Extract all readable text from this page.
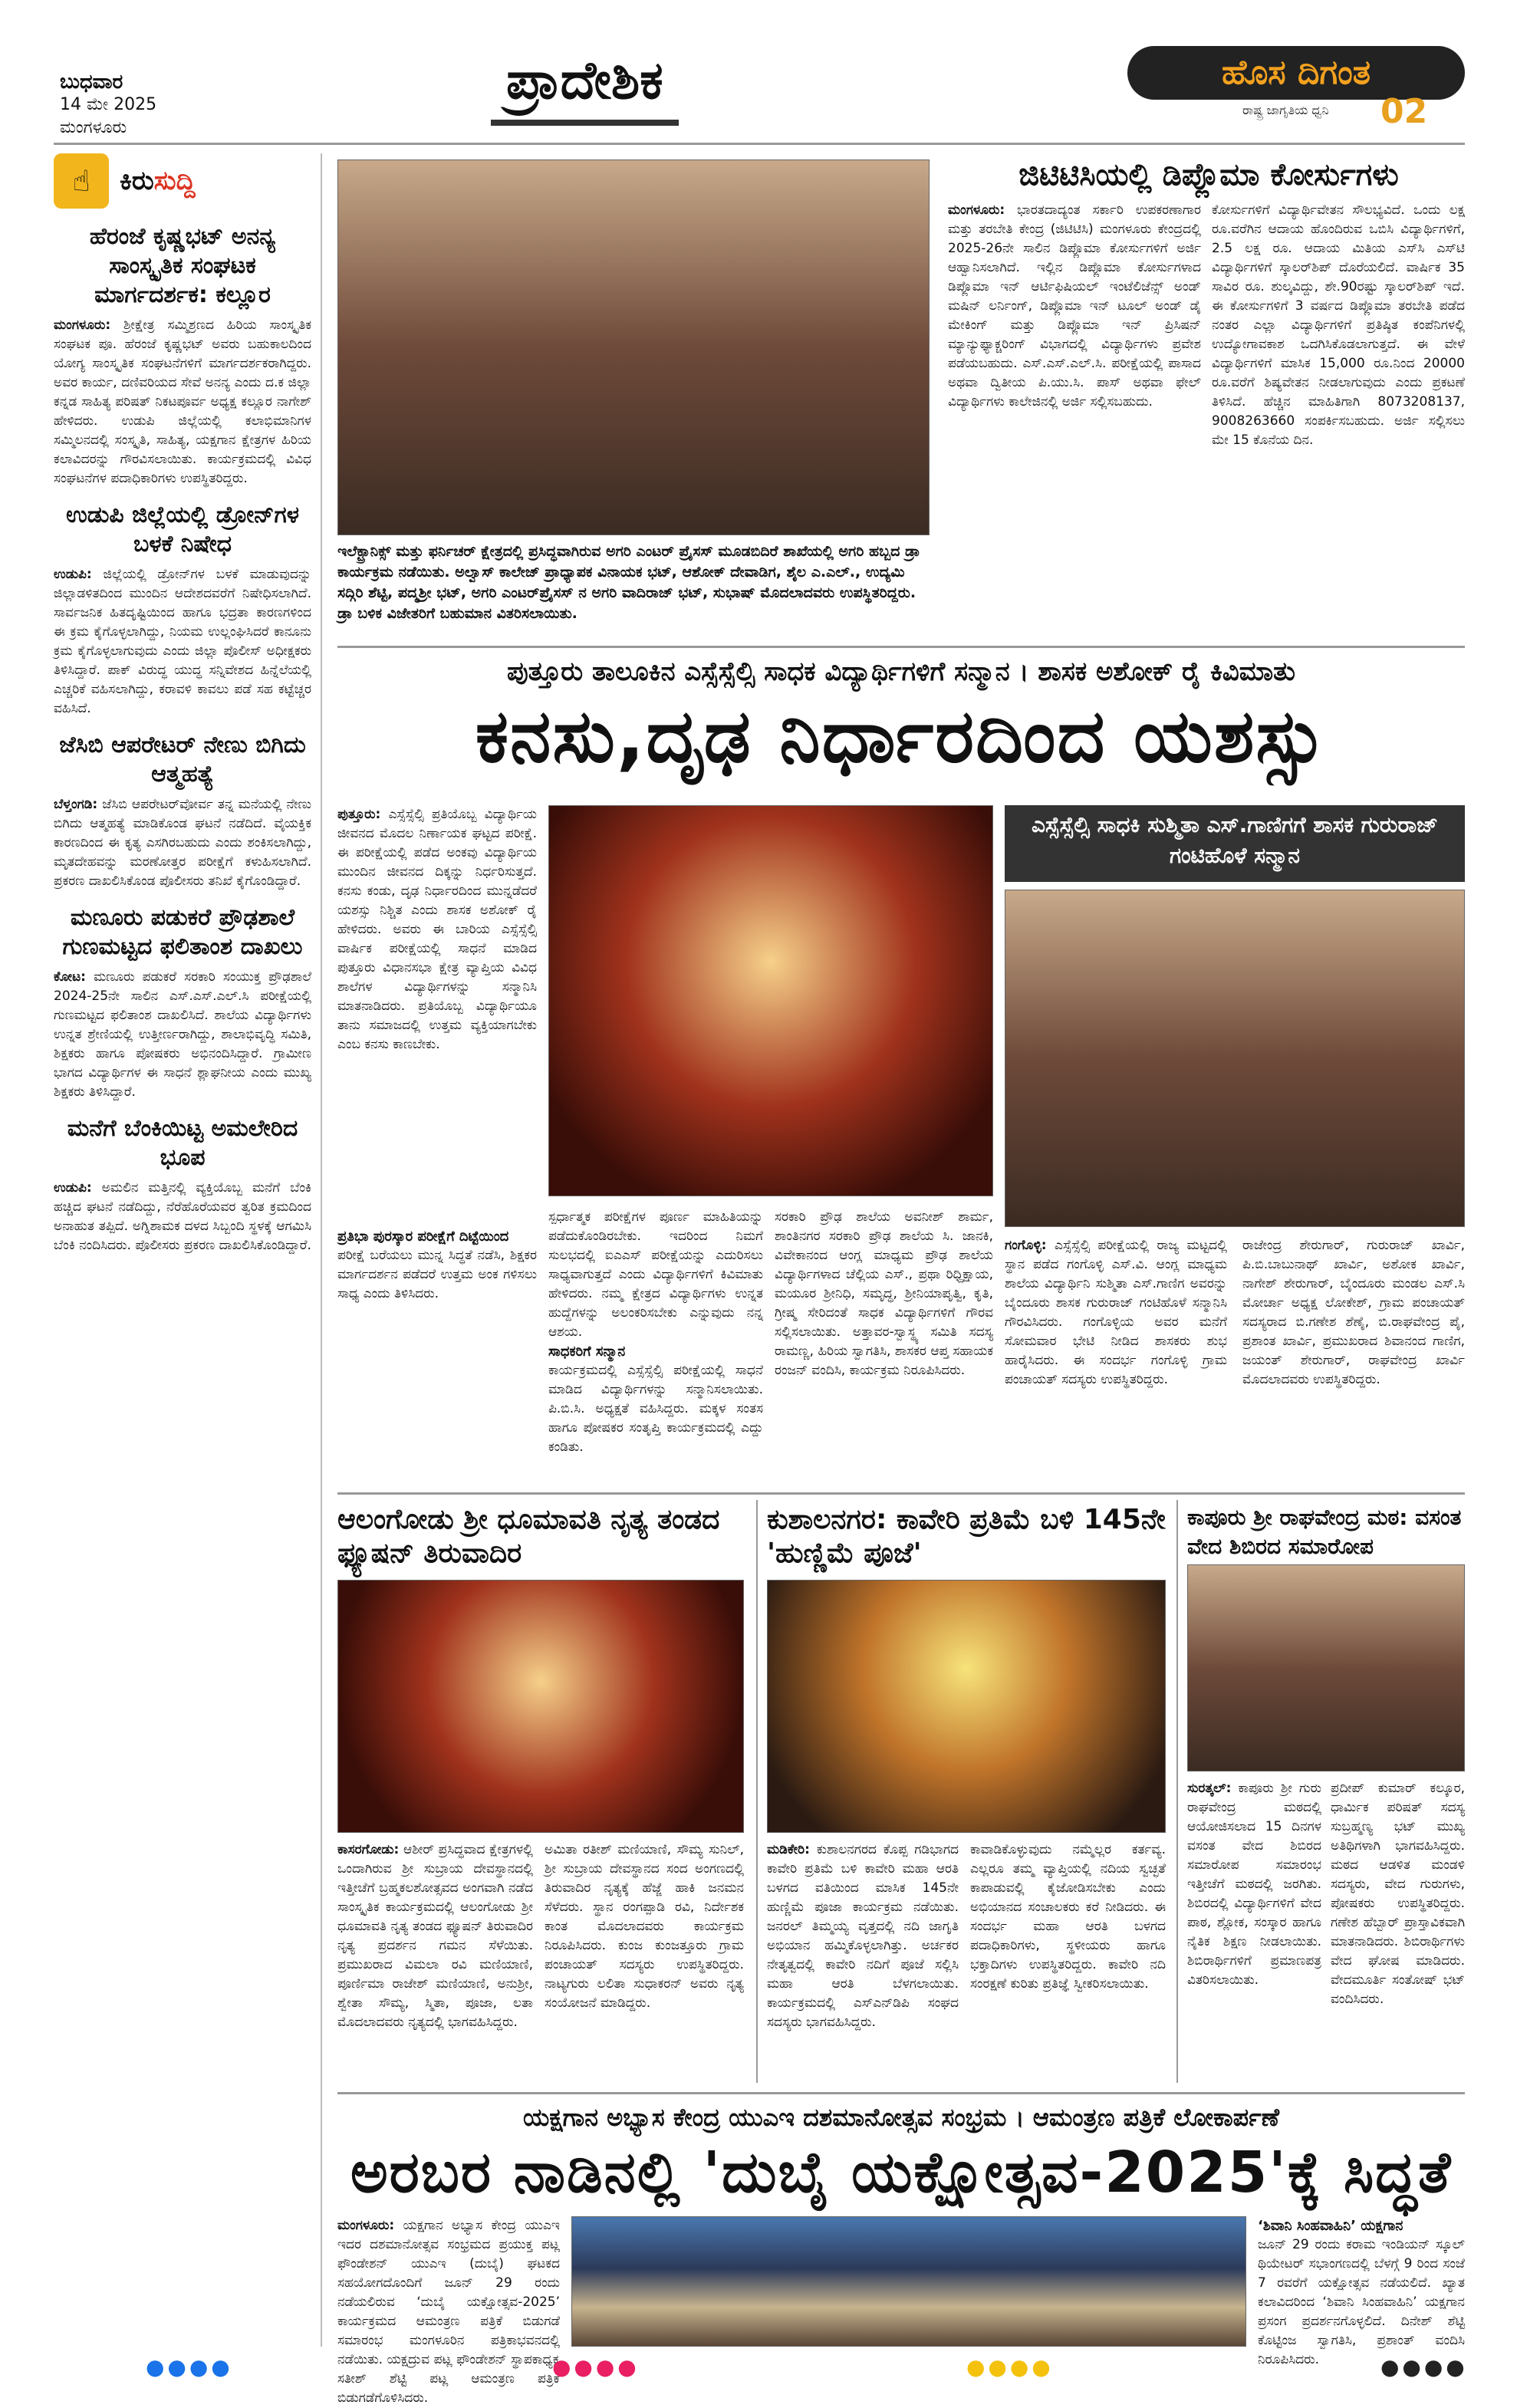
ಬುಧವಾರ
14 ಮೇ 2025
ಮಂಗಳೂರು
ಪ್ರಾದೇಶಿಕ	ಹೊಸ ದಿಗಂತ
ರಾಷ್ಟ್ರ ಜಾಗೃತಿಯ ಧ್ವನಿ 02
☝	ಕಿರುಸುದ್ದಿ
ಹೆರಂಜೆ ಕೃಷ್ಣಭಟ್ ಅನನ್ಯ ಸಾಂಸ್ಕೃತಿಕ ಸಂಘಟಕ ಮಾರ್ಗದರ್ಶಕ: ಕಲ್ಲೂರ

ಮಂಗಳೂರು: ಶ್ರೀಕ್ಷೇತ್ರ ಸಮ್ಮಿಶ್ರಣದ ಹಿರಿಯ ಸಾಂಸ್ಕೃತಿಕ ಸಂಘಟಕ ಪೂ. ಹೆರಂಜೆ ಕೃಷ್ಣಭಟ್ ಅವರು ಬಹುಕಾಲದಿಂದ ಯೋಗ್ಯ ಸಾಂಸ್ಕೃತಿಕ ಸಂಘಟನೆಗಳಿಗೆ ಮಾರ್ಗದರ್ಶಕರಾಗಿದ್ದರು. ಅವರ ಕಾರ್ಯ, ದಣಿವರಿಯದ ಸೇವೆ ಅನನ್ಯ ಎಂದು ದ.ಕ ಜಿಲ್ಲಾ ಕನ್ನಡ ಸಾಹಿತ್ಯ ಪರಿಷತ್ ನಿಕಟಪೂರ್ವ ಅಧ್ಯಕ್ಷ ಕಲ್ಲೂರ ನಾಗೇಶ್ ಹೇಳಿದರು. ಉಡುಪಿ ಜಿಲ್ಲೆಯಲ್ಲಿ ಕಲಾಭಿಮಾನಿಗಳ ಸಮ್ಮಿಲನದಲ್ಲಿ ಸಂಸ್ಕೃತಿ, ಸಾಹಿತ್ಯ, ಯಕ್ಷಗಾನ ಕ್ಷೇತ್ರಗಳ ಹಿರಿಯ ಕಲಾವಿದರನ್ನು ಗೌರವಿಸಲಾಯಿತು. ಕಾರ್ಯಕ್ರಮದಲ್ಲಿ ವಿವಿಧ ಸಂಘಟನೆಗಳ ಪದಾಧಿಕಾರಿಗಳು ಉಪಸ್ಥಿತರಿದ್ದರು.

ಉಡುಪಿ ಜಿಲ್ಲೆಯಲ್ಲಿ ಡ್ರೋನ್‌ಗಳ ಬಳಕೆ ನಿಷೇಧ

ಉಡುಪಿ: ಜಿಲ್ಲೆಯಲ್ಲಿ ಡ್ರೋನ್‌ಗಳ ಬಳಕೆ ಮಾಡುವುದನ್ನು ಜಿಲ್ಲಾಡಳಿತದಿಂದ ಮುಂದಿನ ಆದೇಶದವರೆಗೆ ನಿಷೇಧಿಸಲಾಗಿದೆ. ಸಾರ್ವಜನಿಕ ಹಿತದೃಷ್ಟಿಯಿಂದ ಹಾಗೂ ಭದ್ರತಾ ಕಾರಣಗಳಿಂದ ಈ ಕ್ರಮ ಕೈಗೊಳ್ಳಲಾಗಿದ್ದು, ನಿಯಮ ಉಲ್ಲಂಘಿಸಿದರೆ ಕಾನೂನು ಕ್ರಮ ಕೈಗೊಳ್ಳಲಾಗುವುದು ಎಂದು ಜಿಲ್ಲಾ ಪೊಲೀಸ್ ಅಧೀಕ್ಷಕರು ತಿಳಿಸಿದ್ದಾರೆ. ಪಾಕ್ ವಿರುದ್ಧ ಯುದ್ಧ ಸನ್ನಿವೇಶದ ಹಿನ್ನೆಲೆಯಲ್ಲಿ ಎಚ್ಚರಿಕೆ ವಹಿಸಲಾಗಿದ್ದು, ಕರಾವಳಿ ಕಾವಲು ಪಡೆ ಸಹ ಕಟ್ಟೆಚ್ಚರ ವಹಿಸಿದೆ.

ಜೆಸಿಬಿ ಆಪರೇಟರ್ ನೇಣು ಬಿಗಿದು ಆತ್ಮಹತ್ಯೆ

ಬೆಳ್ತಂಗಡಿ: ಜೆಸಿಬಿ ಆಪರೇಟರ್‌ವೋರ್ವ ತನ್ನ ಮನೆಯಲ್ಲಿ ನೇಣು ಬಿಗಿದು ಆತ್ಮಹತ್ಯೆ ಮಾಡಿಕೊಂಡ ಘಟನೆ ನಡೆದಿದೆ. ವೈಯಕ್ತಿಕ ಕಾರಣದಿಂದ ಈ ಕೃತ್ಯ ಎಸಗಿರಬಹುದು ಎಂದು ಶಂಕಿಸಲಾಗಿದ್ದು, ಮೃತದೇಹವನ್ನು ಮರಣೋತ್ತರ ಪರೀಕ್ಷೆಗೆ ಕಳುಹಿಸಲಾಗಿದೆ. ಪ್ರಕರಣ ದಾಖಲಿಸಿಕೊಂಡ ಪೊಲೀಸರು ತನಿಖೆ ಕೈಗೊಂಡಿದ್ದಾರೆ.

ಮಣೂರು ಪಡುಕರೆ ಪ್ರೌಢಶಾಲೆ ಗುಣಮಟ್ಟದ ಫಲಿತಾಂಶ ದಾಖಲು

ಕೋಟ: ಮಣೂರು ಪಡುಕರೆ ಸರಕಾರಿ ಸಂಯುಕ್ತ ಪ್ರೌಢಶಾಲೆ 2024-25ನೇ ಸಾಲಿನ ಎಸ್.ಎಸ್.ಎಲ್.ಸಿ ಪರೀಕ್ಷೆಯಲ್ಲಿ ಗುಣಮಟ್ಟದ ಫಲಿತಾಂಶ ದಾಖಲಿಸಿದೆ. ಶಾಲೆಯ ವಿದ್ಯಾರ್ಥಿಗಳು ಉನ್ನತ ಶ್ರೇಣಿಯಲ್ಲಿ ಉತ್ತೀರ್ಣರಾಗಿದ್ದು, ಶಾಲಾಭಿವೃದ್ಧಿ ಸಮಿತಿ, ಶಿಕ್ಷಕರು ಹಾಗೂ ಪೋಷಕರು ಅಭಿನಂದಿಸಿದ್ದಾರೆ. ಗ್ರಾಮೀಣ ಭಾಗದ ವಿದ್ಯಾರ್ಥಿಗಳ ಈ ಸಾಧನೆ ಶ್ಲಾಘನೀಯ ಎಂದು ಮುಖ್ಯ ಶಿಕ್ಷಕರು ತಿಳಿಸಿದ್ದಾರೆ.

ಮನೆಗೆ ಬೆಂಕಿಯಿಟ್ಟ ಅಮಲೇರಿದ ಭೂಪ

ಉಡುಪಿ: ಅಮಲಿನ ಮತ್ತಿನಲ್ಲಿ ವ್ಯಕ್ತಿಯೊಬ್ಬ ಮನೆಗೆ ಬೆಂಕಿ ಹಚ್ಚಿದ ಘಟನೆ ನಡೆದಿದ್ದು, ನೆರೆಹೊರೆಯವರ ತ್ವರಿತ ಕ್ರಮದಿಂದ ಅನಾಹುತ ತಪ್ಪಿದೆ. ಅಗ್ನಿಶಾಮಕ ದಳದ ಸಿಬ್ಬಂದಿ ಸ್ಥಳಕ್ಕೆ ಆಗಮಿಸಿ ಬೆಂಕಿ ನಂದಿಸಿದರು. ಪೊಲೀಸರು ಪ್ರಕರಣ ದಾಖಲಿಸಿಕೊಂಡಿದ್ದಾರೆ.

ಇಲೆಕ್ಟ್ರಾನಿಕ್ಸ್ ಮತ್ತು ಫರ್ನಿಚರ್ ಕ್ಷೇತ್ರದಲ್ಲಿ ಪ್ರಸಿದ್ಧವಾಗಿರುವ ಅಗರಿ ಎಂಟರ್ ಪ್ರೈಸಸ್ ಮೂಡಬಿದಿರೆ ಶಾಖೆಯಲ್ಲಿ ಅಗರಿ ಹಬ್ಬದ ಡ್ರಾ ಕಾರ್ಯಕ್ರಮ ನಡೆಯಿತು. ಅಲ್ವಾಸ್ ಕಾಲೇಜ್ ಪ್ರಾಧ್ಯಾಪಕ ವಿನಾಯಕ ಭಟ್, ಆಶೋಕ್ ದೇವಾಡಿಗ, ಶೈಲ ಎ.ಎಲ್., ಉದ್ಯಮಿ ಸದ್ಗಿರಿ ಶೆಟ್ಟಿ, ಪದ್ಮಶ್ರೀ ಭಟ್, ಅಗರಿ ಎಂಟರ್‌ಪ್ರೈಸಸ್ ನ ಅಗರಿ ವಾದಿರಾಜ್ ಭಟ್, ಸುಭಾಷ್ ಮೊದಲಾದವರು ಉಪಸ್ಥಿತರಿದ್ದರು. ಡ್ರಾ ಬಳಿಕ ವಿಜೇತರಿಗೆ ಬಹುಮಾನ ವಿತರಿಸಲಾಯಿತು.
ಜಿಟಿಟಿಸಿಯಲ್ಲಿ ಡಿಪ್ಲೊಮಾ ಕೋರ್ಸುಗಳು
ಮಂಗಳೂರು: ಭಾರತದಾದ್ಯಂತ ಸರ್ಕಾರಿ ಉಪಕರಣಾಗಾರ ಮತ್ತು ತರಬೇತಿ ಕೇಂದ್ರ (ಜಿಟಿಟಿಸಿ) ಮಂಗಳೂರು ಕೇಂದ್ರದಲ್ಲಿ 2025-26ನೇ ಸಾಲಿನ ಡಿಪ್ಲೊಮಾ ಕೋರ್ಸುಗಳಿಗೆ ಅರ್ಜಿ ಆಹ್ವಾನಿಸಲಾಗಿದೆ. ಇಲ್ಲಿನ ಡಿಪ್ಲೊಮಾ ಕೋರ್ಸುಗಳಾದ ಡಿಪ್ಲೊಮಾ ಇನ್ ಆರ್ಟಿಫಿಷಿಯಲ್ ಇಂಟೆಲಿಜೆನ್ಸ್ ಅಂಡ್ ಮಷಿನ್ ಲರ್ನಿಂಗ್, ಡಿಪ್ಲೊಮಾ ಇನ್ ಟೂಲ್ ಅಂಡ್ ಡೈ ಮೇಕಿಂಗ್ ಮತ್ತು ಡಿಪ್ಲೊಮಾ ಇನ್ ಪ್ರಿಸಿಷನ್ ಮ್ಯಾನ್ಯುಫ್ಯಾಕ್ಚರಿಂಗ್ ವಿಭಾಗದಲ್ಲಿ ವಿದ್ಯಾರ್ಥಿಗಳು ಪ್ರವೇಶ ಪಡೆಯಬಹುದು. ಎಸ್.ಎಸ್.ಎಲ್.ಸಿ. ಪರೀಕ್ಷೆಯಲ್ಲಿ ಪಾಸಾದ ಅಥವಾ ದ್ವಿತೀಯ ಪಿ.ಯು.ಸಿ. ಪಾಸ್ ಅಥವಾ ಫೇಲ್ ವಿದ್ಯಾರ್ಥಿಗಳು ಕಾಲೇಜಿನಲ್ಲಿ ಅರ್ಜಿ ಸಲ್ಲಿಸಬಹುದು.
ಕೋರ್ಸುಗಳಿಗೆ ವಿದ್ಯಾರ್ಥಿವೇತನ ಸೌಲಭ್ಯವಿದೆ. ಒಂದು ಲಕ್ಷ ರೂ.ವರೆಗಿನ ಆದಾಯ ಹೊಂದಿರುವ ಒಬಿಸಿ ವಿದ್ಯಾರ್ಥಿಗಳಿಗೆ, 2.5 ಲಕ್ಷ ರೂ. ಆದಾಯ ಮಿತಿಯ ಎಸ್‌ಸಿ ಎಸ್‌ಟಿ ವಿದ್ಯಾರ್ಥಿಗಳಿಗೆ ಸ್ಕಾಲರ್‌ಶಿಪ್ ದೊರೆಯಲಿದೆ. ವಾರ್ಷಿಕ 35 ಸಾವಿರ ರೂ. ಶುಲ್ಕವಿದ್ದು, ಶೇ.90ರಷ್ಟು ಸ್ಕಾಲರ್‌ಶಿಪ್ ಇದೆ. ಈ ಕೋರ್ಸುಗಳಿಗೆ 3 ವರ್ಷದ ಡಿಪ್ಲೊಮಾ ತರಬೇತಿ ಪಡೆದ ನಂತರ ಎಲ್ಲಾ ವಿದ್ಯಾರ್ಥಿಗಳಿಗೆ ಪ್ರತಿಷ್ಠಿತ ಕಂಪೆನಿಗಳಲ್ಲಿ ಉದ್ಯೋಗಾವಕಾಶ ಒದಗಿಸಿಕೊಡಲಾಗುತ್ತದೆ. ಈ ವೇಳೆ ವಿದ್ಯಾರ್ಥಿಗಳಿಗೆ ಮಾಸಿಕ 15,000 ರೂ.ನಿಂದ 20000 ರೂ.ವರೆಗೆ ಶಿಷ್ಯವೇತನ ನೀಡಲಾಗುವುದು ಎಂದು ಪ್ರಕಟಣೆ ತಿಳಿಸಿದೆ. ಹೆಚ್ಚಿನ ಮಾಹಿತಿಗಾಗಿ 8073208137, 9008263660 ಸಂಪರ್ಕಿಸಬಹುದು. ಅರ್ಜಿ ಸಲ್ಲಿಸಲು ಮೇ 15 ಕೊನೆಯ ದಿನ.
ಪುತ್ತೂರು ತಾಲೂಕಿನ ಎಸ್ಸೆಸ್ಸೆಲ್ಸಿ ಸಾಧಕ ವಿದ್ಯಾರ್ಥಿಗಳಿಗೆ ಸನ್ಮಾನ । ಶಾಸಕ ಅಶೋಕ್ ರೈ ಕಿವಿಮಾತು
ಕನಸು,ದೃಢ ನಿರ್ಧಾರದಿಂದ ಯಶಸ್ಸು
ಪುತ್ತೂರು: ಎಸ್ಸೆಸ್ಸೆಲ್ಸಿ ಪ್ರತಿಯೊಬ್ಬ ವಿದ್ಯಾರ್ಥಿಯ ಜೀವನದ ಮೊದಲ ನಿರ್ಣಾಯಕ ಘಟ್ಟದ ಪರೀಕ್ಷೆ. ಈ ಪರೀಕ್ಷೆಯಲ್ಲಿ ಪಡೆದ ಅಂಕವು ವಿದ್ಯಾರ್ಥಿಯ ಮುಂದಿನ ಜೀವನದ ದಿಕ್ಕನ್ನು ನಿರ್ಧರಿಸುತ್ತದೆ. ಕನಸು ಕಂಡು, ದೃಢ ನಿರ್ಧಾರದಿಂದ ಮುನ್ನಡೆದರೆ ಯಶಸ್ಸು ನಿಶ್ಚಿತ ಎಂದು ಶಾಸಕ ಅಶೋಕ್ ರೈ ಹೇಳಿದರು. ಅವರು ಈ ಬಾರಿಯ ಎಸ್ಸೆಸ್ಸೆಲ್ಸಿ ವಾರ್ಷಿಕ ಪರೀಕ್ಷೆಯಲ್ಲಿ ಸಾಧನೆ ಮಾಡಿದ ಪುತ್ತೂರು ವಿಧಾನಸಭಾ ಕ್ಷೇತ್ರ ವ್ಯಾಪ್ತಿಯ ವಿವಿಧ ಶಾಲೆಗಳ ವಿದ್ಯಾರ್ಥಿಗಳನ್ನು ಸನ್ಮಾನಿಸಿ ಮಾತನಾಡಿದರು. ಪ್ರತಿಯೊಬ್ಬ ವಿದ್ಯಾರ್ಥಿಯೂ ತಾನು ಸಮಾಜದಲ್ಲಿ ಉತ್ತಮ ವ್ಯಕ್ತಿಯಾಗಬೇಕು ಎಂಬ ಕನಸು ಕಾಣಬೇಕು.
ಸ್ಪರ್ಧಾತ್ಮಕ ಪರೀಕ್ಷೆಗಳ ಪೂರ್ಣ ಮಾಹಿತಿಯನ್ನು ಪಡೆದುಕೊಂಡಿರಬೇಕು. ಇದರಿಂದ ನಿಮಗೆ ಸುಲಭದಲ್ಲಿ ಐಎಎಸ್ ಪರೀಕ್ಷೆಯನ್ನು ಎದುರಿಸಲು ಸಾಧ್ಯವಾಗುತ್ತದೆ ಎಂದು ವಿದ್ಯಾರ್ಥಿಗಳಿಗೆ ಕಿವಿಮಾತು ಹೇಳಿದರು. ನಮ್ಮ ಕ್ಷೇತ್ರದ ವಿದ್ಯಾರ್ಥಿಗಳು ಉನ್ನತ ಹುದ್ದೆಗಳನ್ನು ಅಲಂಕರಿಸಬೇಕು ಎನ್ನುವುದು ನನ್ನ ಆಶಯ.
ಸಾಧಕರಿಗೆ ಸನ್ಮಾನ
ಕಾರ್ಯಕ್ರಮದಲ್ಲಿ ಎಸ್ಸೆಸ್ಸೆಲ್ಸಿ ಪರೀಕ್ಷೆಯಲ್ಲಿ ಸಾಧನೆ ಮಾಡಿದ ವಿದ್ಯಾರ್ಥಿಗಳನ್ನು ಸನ್ಮಾನಿಸಲಾಯಿತು. ಪಿ.ಬಿ.ಸಿ. ಅಧ್ಯಕ್ಷತೆ ವಹಿಸಿದ್ದರು. ಮಕ್ಕಳ ಸಂತಸ ಹಾಗೂ ಪೋಷಕರ ಸಂತೃಪ್ತಿ ಕಾರ್ಯಕ್ರಮದಲ್ಲಿ ಎದ್ದು ಕಂಡಿತು.
ಸರಕಾರಿ ಪ್ರೌಢ ಶಾಲೆಯ ಅವನೀಶ್ ಶಾರ್ಮ, ಶಾಂತಿನಗರ ಸರಕಾರಿ ಪ್ರೌಢ ಶಾಲೆಯ ಸಿ. ಜಾನಕಿ, ವಿವೇಕಾನಂದ ಆಂಗ್ಲ ಮಾಧ್ಯಮ ಪ್ರೌಢ ಶಾಲೆಯ ವಿದ್ಯಾರ್ಥಿಗಳಾದ ಚೆಲ್ಲಿಯ ಎಸ್., ಪ್ರಥಾ ರಿಧ್ದಿಕ್ಷಾಯ, ಮಯೂರ ಶ್ರೀನಿಧಿ, ಸಮೃದ್ಧ, ಶ್ರೀನಿಯಾಪೃತ್ವಿ, ಕೃತಿ, ಗ್ರೀಷ್ಮ ಸೇರಿದಂತೆ ಸಾಧಕ ವಿದ್ಯಾರ್ಥಿಗಳಿಗೆ ಗೌರವ ಸಲ್ಲಿಸಲಾಯಿತು. ಅತ್ತಾವರ-ಸ್ವಾಸ್ಥ್ಯ ಸಮಿತಿ ಸದಸ್ಯ ರಾಮಣ್ಣ, ಹಿರಿಯ ಸ್ವಾಗತಿಸಿ, ಶಾಸಕರ ಆಪ್ತ ಸಹಾಯಕ ರಂಜನ್ ವಂದಿಸಿ, ಕಾರ್ಯಕ್ರಮ ನಿರೂಪಿಸಿದರು.
ಪ್ರತಿಭಾ ಪುರಸ್ಕಾರ ಪರೀಕ್ಷೆಗೆ ದಿಟ್ಟೆಯಿಂದ
ಪರೀಕ್ಷೆ ಬರೆಯಲು ಮುನ್ನ ಸಿದ್ಧತೆ ನಡೆಸಿ, ಶಿಕ್ಷಕರ ಮಾರ್ಗದರ್ಶನ ಪಡೆದರೆ ಉತ್ತಮ ಅಂಕ ಗಳಿಸಲು ಸಾಧ್ಯ ಎಂದು ತಿಳಿಸಿದರು.
ಎಸ್ಸೆಸ್ಸೆಲ್ಸಿ ಸಾಧಕಿ ಸುಶ್ಮಿತಾ ಎಸ್.ಗಾಣಿಗಗೆ ಶಾಸಕ ಗುರುರಾಜ್ ಗಂಟಿಹೊಳೆ ಸನ್ಮಾನ
ಗಂಗೊಳ್ಳಿ: ಎಸ್ಸೆಸ್ಸೆಲ್ಸಿ ಪರೀಕ್ಷೆಯಲ್ಲಿ ರಾಜ್ಯ ಮಟ್ಟದಲ್ಲಿ ಸ್ಥಾನ ಪಡೆದ ಗಂಗೊಳ್ಳಿ ಎಸ್.ವಿ. ಆಂಗ್ಲ ಮಾಧ್ಯಮ ಶಾಲೆಯ ವಿದ್ಯಾರ್ಥಿನಿ ಸುಶ್ಮಿತಾ ಎಸ್.ಗಾಣಿಗ ಅವರನ್ನು ಬೈಂದೂರು ಶಾಸಕ ಗುರುರಾಜ್ ಗಂಟಿಹೊಳೆ ಸನ್ಮಾನಿಸಿ ಗೌರವಿಸಿದರು. ಗಂಗೊಳ್ಳಿಯ ಅವರ ಮನೆಗೆ ಸೋಮವಾರ ಭೇಟಿ ನೀಡಿದ ಶಾಸಕರು ಶುಭ ಹಾರೈಸಿದರು. ಈ ಸಂದರ್ಭ ಗಂಗೊಳ್ಳಿ ಗ್ರಾಮ ಪಂಚಾಯತ್ ಸದಸ್ಯರು ಉಪಸ್ಥಿತರಿದ್ದರು.
ರಾಜೇಂದ್ರ ಶೇರುಗಾರ್, ಗುರುರಾಜ್ ಖಾರ್ವಿ, ಪಿ.ಬಿ.ಬಾಬುನಾಥ್ ಖಾರ್ವಿ, ಅಶೋಕ ಖಾರ್ವಿ, ನಾಗೇಶ್ ಶೇರುಗಾರ್, ಬೈಂದೂರು ಮಂಡಲ ಎಸ್.ಸಿ ಮೋರ್ಚಾ ಅಧ್ಯಕ್ಷ ಲೋಕೇಶ್, ಗ್ರಾಮ ಪಂಚಾಯತ್ ಸದಸ್ಯರಾದ ಬಿ.ಗಣೇಶ ಶೆಣೈ, ಬಿ.ರಾಘವೇಂದ್ರ ಪೈ, ಪ್ರಶಾಂತ ಖಾರ್ವಿ, ಪ್ರಮುಖರಾದ ಶಿವಾನಂದ ಗಾಣಿಗ, ಜಯಂತ್ ಶೇರುಗಾರ್, ರಾಘವೇಂದ್ರ ಖಾರ್ವಿ ಮೊದಲಾದವರು ಉಪಸ್ಥಿತರಿದ್ದರು.
ಆಲಂಗೋಡು ಶ್ರೀ ಧೂಮಾವತಿ ನೃತ್ಯ ತಂಡದ ಫ್ಯೂಷನ್ ತಿರುವಾದಿರ
ಕಾಸರಗೋಡು: ಆಶೀರ್ ಪ್ರಸಿದ್ಧವಾದ ಕ್ಷೇತ್ರಗಳಲ್ಲಿ ಒಂದಾಗಿರುವ ಶ್ರೀ ಸುಬ್ರಾಯ ದೇವಸ್ಥಾನದಲ್ಲಿ ಇತ್ತೀಚೆಗೆ ಬ್ರಹ್ಮಕಲಶೋತ್ಸವದ ಅಂಗವಾಗಿ ನಡೆದ ಸಾಂಸ್ಕೃತಿಕ ಕಾರ್ಯಕ್ರಮದಲ್ಲಿ ಆಲಂಗೋಡು ಶ್ರೀ ಧೂಮಾವತಿ ನೃತ್ಯ ತಂಡದ ಫ್ಯೂಷನ್ ತಿರುವಾದಿರ ನೃತ್ಯ ಪ್ರದರ್ಶನ ಗಮನ ಸೆಳೆಯಿತು. ಪ್ರಮುಖರಾದ ವಿಮಲಾ ರವಿ ಮಣಿಯಾಣಿ, ಪೂರ್ಣಿಮಾ ರಾಜೇಶ್ ಮಣಿಯಾಣಿ, ಅನುಶ್ರೀ, ಶ್ವೇತಾ ಸೌಮ್ಯ, ಸ್ಮಿತಾ, ಪೂಜಾ, ಲತಾ ಮೊದಲಾದವರು ನೃತ್ಯದಲ್ಲಿ ಭಾಗವಹಿಸಿದ್ದರು.
ಅಮಿತಾ ರತೀಶ್ ಮಣಿಯಾಣಿ, ಸೌಮ್ಯ ಸುನಿಲ್, ಶ್ರೀ ಸುಬ್ರಾಯ ದೇವಸ್ಥಾನದ ಸಂದ ಅಂಗಣದಲ್ಲಿ ತಿರುವಾದಿರ ನೃತ್ಯಕ್ಕೆ ಹೆಜ್ಜೆ ಹಾಕಿ ಜನಮನ ಸೆಳೆದರು. ಸ್ಥಾನ ರಂಗಪ್ಪಾಡಿ ರವಿ, ನಿರ್ದೇಶಕ ಕಾಂತ ಮೊದಲಾದವರು ಕಾರ್ಯಕ್ರಮ ನಿರೂಪಿಸಿದರು. ಕುಂಜ ಕುಂಜತ್ತೂರು ಗ್ರಾಮ ಪಂಚಾಯತ್ ಸದಸ್ಯರು ಉಪಸ್ಥಿತರಿದ್ದರು. ನಾಟ್ಯಗುರು ಲಲಿತಾ ಸುಧಾಕರನ್ ಅವರು ನೃತ್ಯ ಸಂಯೋಜನೆ ಮಾಡಿದ್ದರು.
ಕುಶಾಲನಗರ: ಕಾವೇರಿ ಪ್ರತಿಮೆ ಬಳಿ 145ನೇ 'ಹುಣ್ಣಿಮೆ ಪೂಜೆ'
ಮಡಿಕೇರಿ: ಕುಶಾಲನಗರದ ಕೊಪ್ಪ ಗಡಿಭಾಗದ ಕಾವೇರಿ ಪ್ರತಿಮೆ ಬಳಿ ಕಾವೇರಿ ಮಹಾ ಆರತಿ ಬಳಗದ ವತಿಯಿಂದ ಮಾಸಿಕ 145ನೇ ಹುಣ್ಣಿಮೆ ಪೂಜಾ ಕಾರ್ಯಕ್ರಮ ನಡೆಯಿತು. ಜನರಲ್ ತಿಮ್ಮಯ್ಯ ವೃತ್ತದಲ್ಲಿ ನದಿ ಜಾಗೃತಿ ಅಭಿಯಾನ ಹಮ್ಮಿಕೊಳ್ಳಲಾಗಿತ್ತು. ಅರ್ಚಕರ ನೇತೃತ್ವದಲ್ಲಿ ಕಾವೇರಿ ನದಿಗೆ ಪೂಜೆ ಸಲ್ಲಿಸಿ ಮಹಾ ಆರತಿ ಬೆಳಗಲಾಯಿತು. ಕಾರ್ಯಕ್ರಮದಲ್ಲಿ ಎಸ್‌ಎನ್‌ಡಿಪಿ ಸಂಘದ ಸದಸ್ಯರು ಭಾಗವಹಿಸಿದ್ದರು.
ಕಾವಾಡಿಕೊಳ್ಳುವುದು ನಮ್ಮೆಲ್ಲರ ಕರ್ತವ್ಯ. ಎಲ್ಲರೂ ತಮ್ಮ ವ್ಯಾಪ್ತಿಯಲ್ಲಿ ನದಿಯ ಸ್ವಚ್ಛತೆ ಕಾಪಾಡುವಲ್ಲಿ ಕೈಜೋಡಿಸಬೇಕು ಎಂದು ಅಭಿಯಾನದ ಸಂಚಾಲಕರು ಕರೆ ನೀಡಿದರು. ಈ ಸಂದರ್ಭ ಮಹಾ ಆರತಿ ಬಳಗದ ಪದಾಧಿಕಾರಿಗಳು, ಸ್ಥಳೀಯರು ಹಾಗೂ ಭಕ್ತಾದಿಗಳು ಉಪಸ್ಥಿತರಿದ್ದರು. ಕಾವೇರಿ ನದಿ ಸಂರಕ್ಷಣೆ ಕುರಿತು ಪ್ರತಿಜ್ಞೆ ಸ್ವೀಕರಿಸಲಾಯಿತು.
ಕಾಪೂರು ಶ್ರೀ ರಾಘವೇಂದ್ರ ಮಠ: ವಸಂತ ವೇದ ಶಿಬಿರದ ಸಮಾರೋಪ
ಸುರತ್ಕಲ್: ಕಾಪೂರು ಶ್ರೀ ಗುರು ರಾಘವೇಂದ್ರ ಮಠದಲ್ಲಿ ಆಯೋಜಿಸಲಾದ 15 ದಿನಗಳ ವಸಂತ ವೇದ ಶಿಬಿರದ ಸಮಾರೋಪ ಸಮಾರಂಭ ಇತ್ತೀಚೆಗೆ ಮಠದಲ್ಲಿ ಜರಗಿತು. ಶಿಬಿರದಲ್ಲಿ ವಿದ್ಯಾರ್ಥಿಗಳಿಗೆ ವೇದ ಪಾಠ, ಶ್ಲೋಕ, ಸಂಸ್ಕಾರ ಹಾಗೂ ನೈತಿಕ ಶಿಕ್ಷಣ ನೀಡಲಾಯಿತು. ಶಿಬಿರಾರ್ಥಿಗಳಿಗೆ ಪ್ರಮಾಣಪತ್ರ ವಿತರಿಸಲಾಯಿತು.
ಪ್ರದೀಪ್ ಕುಮಾರ್ ಕಲ್ಕೂರ, ಧಾರ್ಮಿಕ ಪರಿಷತ್ ಸದಸ್ಯ ಸುಬ್ರಹ್ಮಣ್ಯ ಭಟ್ ಮುಖ್ಯ ಅತಿಥಿಗಳಾಗಿ ಭಾಗವಹಿಸಿದ್ದರು. ಮಠದ ಆಡಳಿತ ಮಂಡಳಿ ಸದಸ್ಯರು, ವೇದ ಗುರುಗಳು, ಪೋಷಕರು ಉಪಸ್ಥಿತರಿದ್ದರು. ಗಣೇಶ ಹೆಬ್ಬಾರ್ ಪ್ರಾಸ್ತಾವಿಕವಾಗಿ ಮಾತನಾಡಿದರು. ಶಿಬಿರಾರ್ಥಿಗಳು ವೇದ ಘೋಷ ಮಾಡಿದರು. ವೇದಮೂರ್ತಿ ಸಂತೋಷ್ ಭಟ್ ವಂದಿಸಿದರು.
ಯಕ್ಷಗಾನ ಅಭ್ಯಾಸ ಕೇಂದ್ರ ಯುಎಇ ದಶಮಾನೋತ್ಸವ ಸಂಭ್ರಮ । ಆಮಂತ್ರಣ ಪತ್ರಿಕೆ ಲೋಕಾರ್ಪಣೆ
ಅರಬರ ನಾಡಿನಲ್ಲಿ 'ದುಬೈ ಯಕ್ಷೋತ್ಸವ-2025'ಕ್ಕೆ ಸಿದ್ಧತೆ
ಮಂಗಳೂರು: ಯಕ್ಷಗಾನ ಅಭ್ಯಾಸ ಕೇಂದ್ರ ಯುಎಇ ಇದರ ದಶಮಾನೋತ್ಸವ ಸಂಭ್ರಮದ ಪ್ರಯುಕ್ತ ಪಟ್ಲ ಫೌಂಡೇಶನ್ ಯುಎಇ (ದುಬೈ) ಘಟಕದ ಸಹಯೋಗದೊಂದಿಗೆ ಜೂನ್ 29 ರಂದು ನಡೆಯಲಿರುವ ‘ದುಬೈ ಯಕ್ಷೋತ್ಸವ-2025’ ಕಾರ್ಯಕ್ರಮದ ಆಮಂತ್ರಣ ಪತ್ರಿಕೆ ಬಿಡುಗಡೆ ಸಮಾರಂಭ ಮಂಗಳೂರಿನ ಪತ್ರಿಕಾಭವನದಲ್ಲಿ ನಡೆಯಿತು. ಯಕ್ಷದ್ರುವ ಪಟ್ಲ ಫೌಂಡೇಶನ್ ಸ್ಥಾಪಕಾಧ್ಯಕ್ಷ ಸತೀಶ್ ಶೆಟ್ಟಿ ಪಟ್ಲ ಆಮಂತ್ರಣ ಪತ್ರಿಕೆ ಬಿಡುಗಡೆಗೊಳಿಸಿದರು.
‘ಶಿವಾನಿ ಸಿಂಹವಾಹಿನಿ’ ಯಕ್ಷಗಾನ
ಜೂನ್ 29 ರಂದು ಕರಾಮ ಇಂಡಿಯನ್ ಸ್ಕೂಲ್ ಥಿಯೇಟರ್ ಸಭಾಂಗಣದಲ್ಲಿ ಬೆಳಗ್ಗೆ 9 ರಿಂದ ಸಂಜೆ 7 ರವರೆಗೆ ಯಕ್ಷೋತ್ಸವ ನಡೆಯಲಿದೆ. ಖ್ಯಾತ ಕಲಾವಿದರಿಂದ ‘ಶಿವಾನಿ ಸಿಂಹವಾಹಿನಿ’ ಯಕ್ಷಗಾನ ಪ್ರಸಂಗ ಪ್ರದರ್ಶನಗೊಳ್ಳಲಿದೆ. ದಿನೇಶ್ ಶೆಟ್ಟಿ ಕೊಟ್ಟಿಂಜ ಸ್ವಾಗತಿಸಿ, ಪ್ರಶಾಂತ್ ವಂದಿಸಿ ನಿರೂಪಿಸಿದರು.
●●●●	●●●●	●●●●	●●●●
